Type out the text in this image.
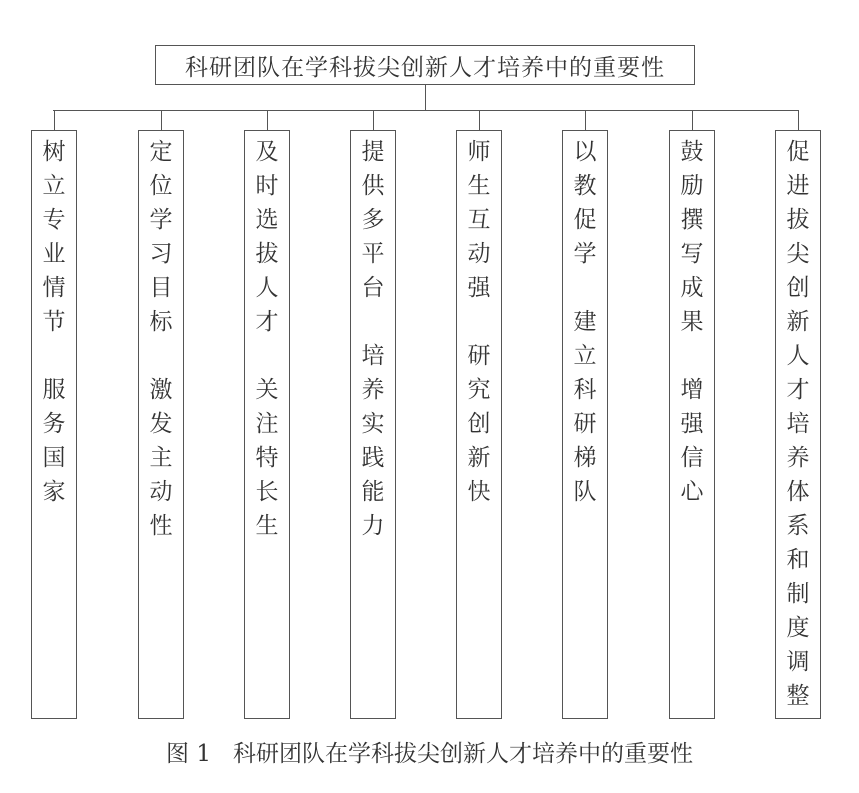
科研团队在学科拔尖创新人才培养中的重要性
图 1 科研团队在学科拔尖创新人才培养中的重要性
树
立
专
业
情
节

服
务
国
家
定
位
学
习
目
标

激
发
主
动
性
及
时
选
拔
人
才

关
注
特
长
生
提
供
多
平
台

培
养
实
践
能
力
师
生
互
动
强

研
究
创
新
快
以
教
促
学

建
立
科
研
梯
队
鼓
励
撰
写
成
果

增
强
信
心
促
进
拔
尖
创
新
人
才
培
养
体
系
和
制
度
调
整
